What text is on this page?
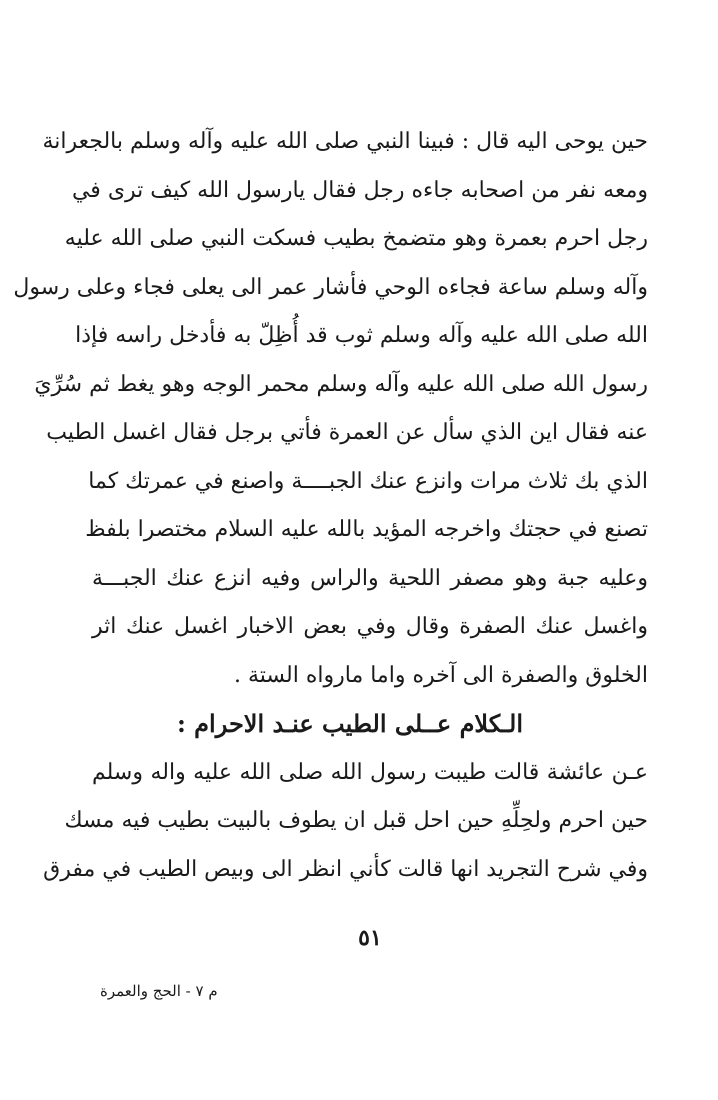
حين يوحى اليه قال : فبينا النبي صلى الله عليه وآله وسلم بالجعرانة
ومعه نفر من اصحابه جاءه رجل فقال يارسول الله كيف ترى في
رجل احرم بعمرة وهو متضمخ بطيب فسكت النبي صلى الله عليه
وآله وسلم ساعة فجاءه الوحي فأشار عمر الى يعلى فجاء وعلى رسول
الله صلى الله عليه وآله وسلم ثوب قد أُظِلّ به فأدخل راسه فإذا
رسول الله صلى الله عليه وآله وسلم محمر الوجه وهو يغط ثم سُرِّيَ
عنه فقال اين الذي سأل عن العمرة فأتي برجل فقال اغسل الطيب
الذي بك ثلاث مرات وانزع عنك الجبــــة واصنع في عمرتك كما
تصنع في حجتك واخرجه المؤيد بالله عليه السلام مختصرا بلفظ
وعليه جبة وهو مصفر اللحية والراس وفيه انزع عنك الجبـــة
واغسل عنك الصفرة وقال وفي بعض الاخبار اغسل عنك اثر
الخلوق والصفرة الى آخره واما ماروا‌ه الستة .
الـكلام عــلى الطيب عنـد الاحرام :
عـن عائشة قالت طيبت رسول الله صلى الله عليه واله وسلم
حين احرم ولحِلِّهِ حين احل قبل ان يطوف بالبيت بطيب فيه مسك
وفي شرح التجريد انها قالت كأني انظر الى وبيص الطيب في مفرق
٥١
م ٧ - الحج والعمرة
